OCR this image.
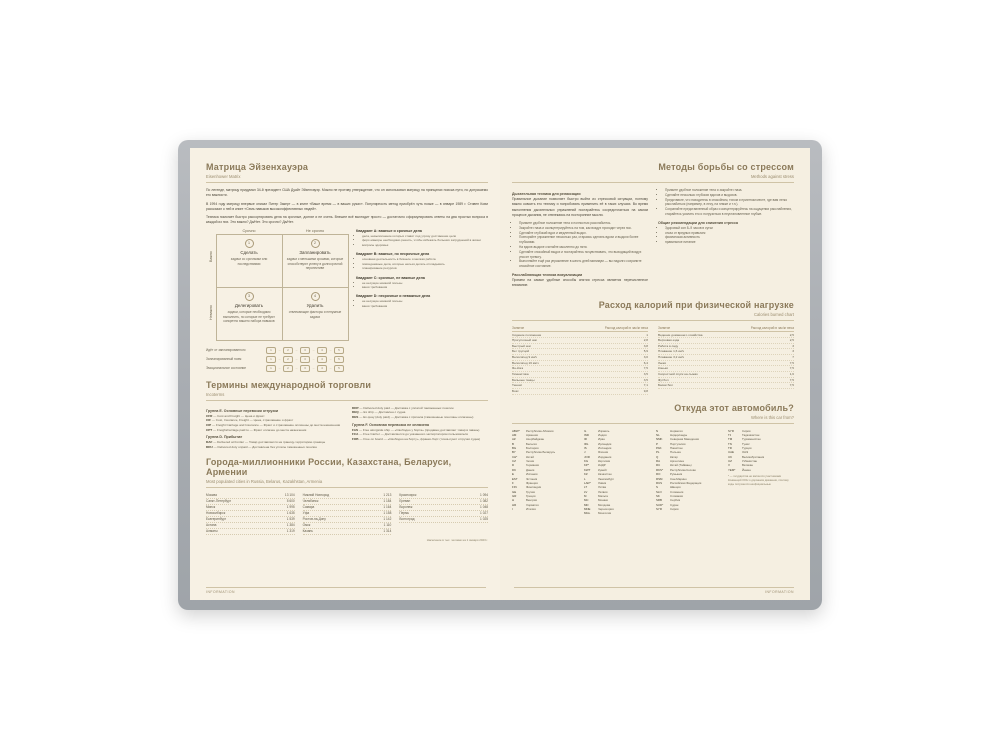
Матрица Эйзенхауэра
Eisenhower Matrix

По легенде, матрицу придумал 34-й президент США Дуайт Эйзенхауэр. Можно не противу утверждение, что он использовал матрицу на принципах поиска пути, но допускаемо его важности.

В 1994 году матрицу впервые описал Питер Закерт — в книге «Ваше время — в ваших руках». Популярность метод приобрёл чуть позже — в январе 1989 г. Стивен Кови рассказал о ней в книге «Семь навыков высокоэффективных людей».

Техника помогает быстро расcортировать дела на срочные, долгие и не очень. Внешне всё выглядит просто — достаточно сформулировать ответы на два простых вопроса в каждой из них. Это важно? Да/Нет. Это срочно? Да/Нет.

Важно
Неважно
Срочно	Не срочно
1
Сделать
задачи со срочными или последствиями
2
Запланировать
задачи с меньшими сроками, которые способствуют успеху в долгосрочной перспективе
3
Делегировать
задачи, которые необходимо выполнить, но которые не требуют конкретно вашего набора навыков
4
Удалить
отвлекающие факторы и ненужные задачи
Квадрант A: важные и срочные дела
• дела, невыполнение которых ставит под угрозу достижение цели
• форс-мажоры необходимо решить, чтобы избежать больших затруднений в жизни
• вопросы здоровья
Квадрант B: важные, но несрочные дела
• основная деятельность в бизнесе и мелкая работа
• повседневные дела, которые нельзя делать откладывать
• планирование ресурсов
Квадрант C: срочные, не важные дела
• не несущие никакой пользы
• ваши требования
Квадрант D: несрочные и неважные дела
• не несущие никакой пользы
• ваши требования
Идёт от запланированного	1	→	2	→	3	→	4	→	5
Запланированный поэм	1	→	2	→	3	→	4	→	5
Эмоциональное состояние	1	→	2	→	3	→	4	→	5
Термины международной торговли
Incoterms
Группа E. Основные перевозки отгрузки
CFR — Cost and Freight — Цена и фрахт
CIF — Cost, Insurance, Freight — Цена, страхование и фрахт
CIP — Freight Carriage and Insurance — Фрахт и страхование оплачены до места назначения
CPT — Freight/carriage paid to — Фрахт оплачен до места назначения
Группа D. Прибытие
DAF — Delivered at frontier — Товар доставляется на границу-территорию границы
DDU — Delivered duty unpaid — Доставлена без уплаты таможенных пошлин
DDP — Delivered duty paid — Доставка с уплатой таможенных пошлин
DEQ — Ex ship — Доставлен с судна
DES — Ex quay (duty paid) — Доставка с причала (таможенные пошлины оплачены)
Группа F. Основная перевозка не оплачена
FAS — Free alongside ship — «Свободно у борта» (продавец доставляет товар в гавань)
FCA — Free Carrier — Доставляется до указанного экспортатором пользователя
FOB — Free on board — «Свободно на борту», франко-борт (точка-пункт отгрузки судна)
Города-миллионники России, Казахстана, Беларуси, Армении
Most populated cities in Russia, Belarus, Kazakhstan, Armenia
Москва	13 104
Санкт-Петербург	5 600
Минск	1 995
Новосибирск	1 635
Екатеринбург	1 539
Астана	1 384
Алматы	1 319
Нижний Новгород	1 213
Челябинск	1 184
Самара	1 164
Уфа	1 158
Ростов-на-Дону	1 142
Омск	1 110
Казань	1 314
Красноярск	1 094
Ереван	1 082
Воронеж	1 048
Пермь	1 027
Волгоград	1 025
Население в тыс. человек на 1 января 2023 г.
INFORMATION
Методы борьбы со стрессом
Methods against stress
Дыхательная техника для релаксации

Правильное дыхание позволяет быстро выйти из стрессовой ситуации, поэтому важно освоить его технику и попробовать применить её в таких случаях. Во время выполнения дыхательных упражнений постарайтесь сосредоточиться на самом процессе дыхания, не отвлекаясь на посторонние мысли.

• Примите удобное положение тела и полностью расслабьтесь.
• Закройте глаза и сконцентрируйтесь на том, как воздух проходит через нос.
• Сделайте глубокий вдох и медленный выдох.
• Повторяйте упражнение несколько раз, стараясь сделать вдохи и выдохи более глубокими.
• На вдохе-выдохе считайте мысленно до пяти.
• Сделайте спокойный выдох и постарайтесь почувствовать, что выходящий воздух уносит тревогу.
• Выполняйте ещё раз упражнение в шесть дней минимум — вы надолго сохраните спокойное состояние.
Расслабляющая техника визуализации

Примем на самые удобные способы снятия стресса является перечисленное внимание.

• Примите удобное положение тела и закройте глаза.
• Сделайте несколько глубоких вдохов и выдохов.
• Представьте, что находитесь в спокойном, тихом и приятном месте, где вам легко расслабиться (например, в лесу, на пляже и т.п.).
• Сохраняйте представленный образ и концентрируйтесь на ощущении расслабления, старайтесь усилить его и погрузиться в неустановленное глубже.
Общие рекомендации для снижения стресса
• Здоровый сон 8–9 часов в сутки
• отказ от вредных привычек
• физическая активность
• правильное питание
Расход калорий при физической нагрузке
Calories burned chart
Занятие	Расход калорий в час/кг веса
Сидение положение	1
Прогулочный шаг	2,8
Быстрый шаг	3,8
Бег трусцой	5,9
Велосипед 9 км/ч	3,0
Велосипед 16 км/ч	6,4
Ян-йога	7,5
Гимнастика	3,5
Бальные танцы	3,5
Теннис	7,1
Бокс	9,8
Занятие	Расход калорий в час/кг веса
Ведение домашнего хозяйства	2,5
Верховая езда	2,5
Работа в саду	3
Плавание 1,6 км/ч	3
Плавание 3,2 км/ч	7
Лыжи	7,5
Коньки	7,5
Скоростной спуск на лыжах	1,6
Футбол	7,5
Баскетбол	7,5
Откуда этот автомобиль?
Where is this car from?
ABW*	Республика Абхазия
AM	Армения
AZ	Азербайджан
B	Бельгия
BG	Болгария
BY	Республика Беларусь
CH*	Китай
CZ	Чехия
D	Германия
DK	Дания
E	Испания
EST	Эстония
F	Франция
FIN	Финляндия
GE	Грузия
GR	Греция
H	Венгрия
HR	Хорватия
I	Италия
IL	Израиль
IND	Индия
IR	Иран
IRL	Ирландия
IS	Исландия
J	Япония
JOR	Иордания
KG	Киргизия
KP*	КНДР
KWT	Кувейт
KZ	Казахстан
L	Люксембург
LAR*	Ливия
LT	Литва
LV	Латвия
M	Мальта
MC	Монако
MD	Молдова
MNE	Черногория
MGL	Монголия
N	Норвегия
NL	Нидерланды
NMK	Северная Македония
P	Португалия
PAK	Пакистан
PL	Польша
Q	Катар
RA	Аргентина
RC	Китай (Тайвань)
RKS*	Республика Косово
RO	Румыния
RSM	Сан-Марино
RUS	Российская Федерация
S	Швеция
SLO	Словения
SK	Словакия
SRB	Сербия
SUD*	Судан
SYR	Сирия
SYR	Сирия
TJ	Таджикистан
TM	Туркменистан
TN	Тунис
TR	Турция
UAE	ОАЭ
UK	Великобритания
UZ	Узбекистан
V	Ватикан
YEM*	Йемен
* — государства не являются участниками Конвенций ООН о дорожном движении, поэтому коды получаются неофициальные
INFORMATION
